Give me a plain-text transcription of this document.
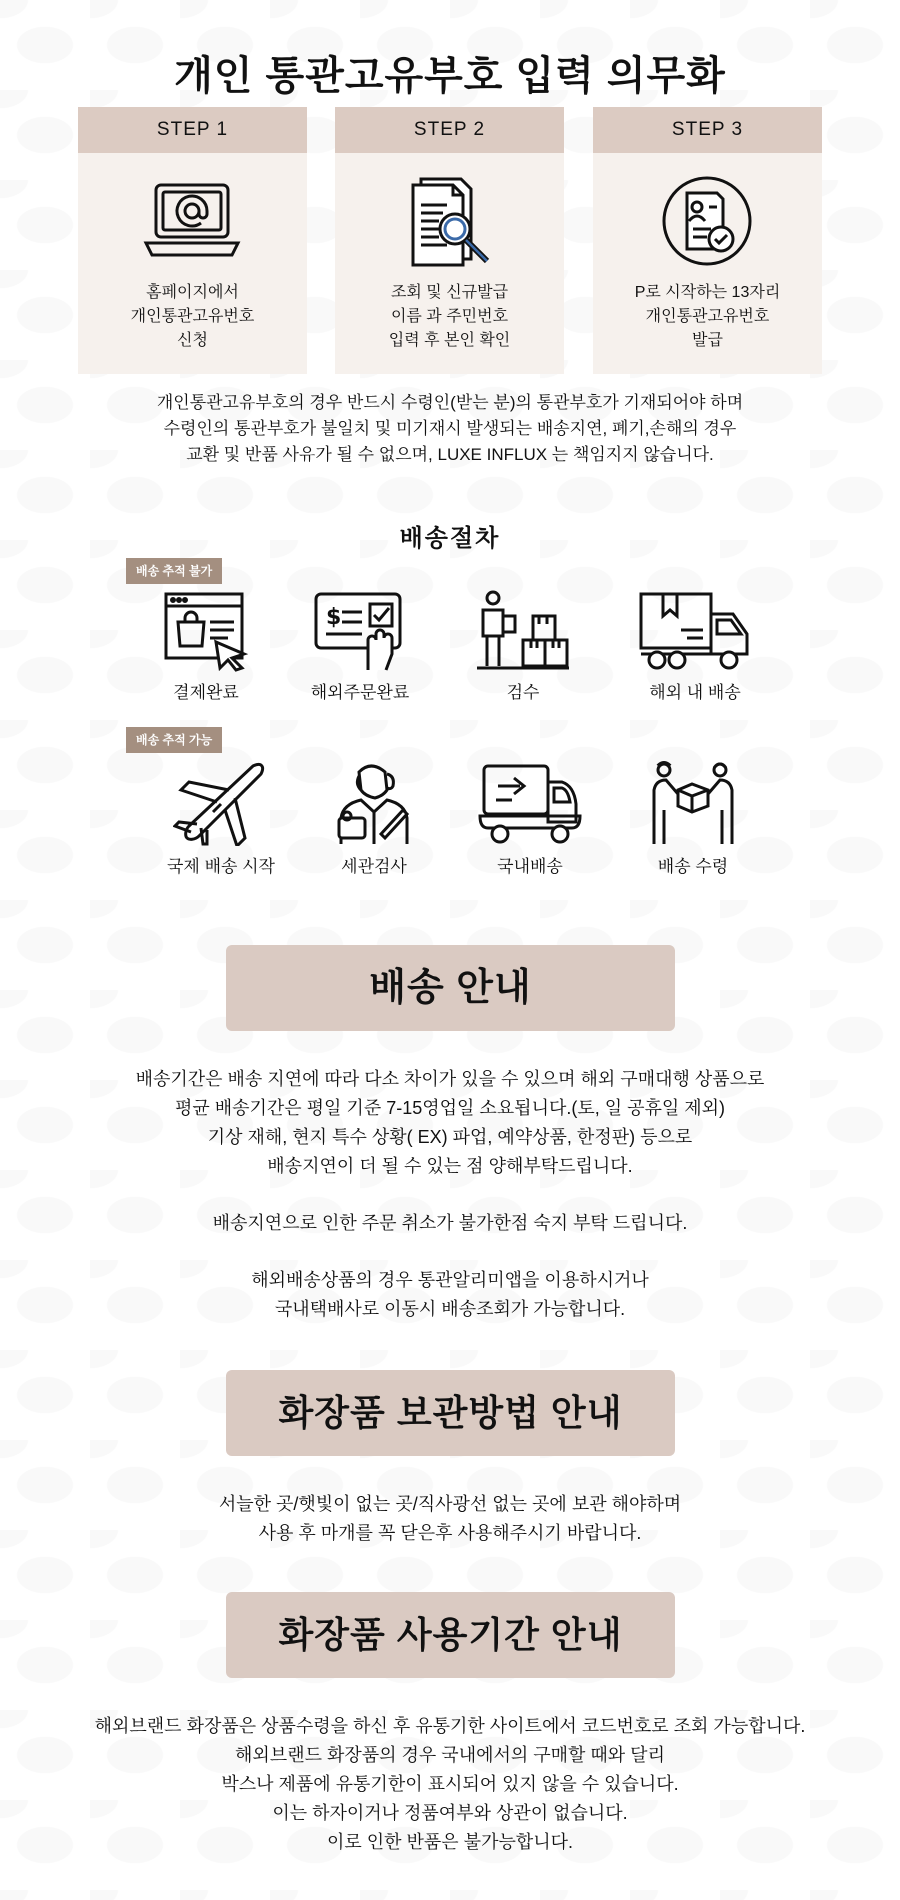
개인 통관고유부호 입력 의무화
STEP 1
홈페이지에서
개인통관고유번호
신청
STEP 2
조회 및 신규발급
이름 과 주민번호
입력 후 본인 확인
STEP 3
P로 시작하는 13자리
개인통관고유번호
발급
개인통관고유부호의 경우 반드시 수령인(받는 분)의 통관부호가 기재되어야 하며
수령인의 통관부호가 불일치 및 미기재시 발생되는 배송지연, 폐기,손해의 경우
교환 및 반품 사유가 될 수 없으며, LUXE INFLUX 는 책임지지 않습니다.
배송절차
배송 추적 불가
결제완료
$
해외주문완료	검수	해외 내 배송
배송 추적 가능
국제 배송 시작	세관검사	국내배송	배송 수령
배송 안내
배송기간은 배송 지연에 따라 다소 차이가 있을 수 있으며 해외 구매대행 상품으로
평균 배송기간은 평일 기준 7-15영업일 소요됩니다.(토, 일 공휴일 제외)
기상 재해, 현지 특수 상황( EX) 파업, 예약상품, 한정판) 등으로
배송지연이 더 될 수 있는 점 양해부탁드립니다.
배송지연으로 인한 주문 취소가 불가한점 숙지 부탁 드립니다.
해외배송상품의 경우 통관알리미앱을 이용하시거나
국내택배사로 이동시 배송조회가 가능합니다.
화장품 보관방법 안내
서늘한 곳/햇빛이 없는 곳/직사광선 없는 곳에 보관 해야하며
사용 후 마개를 꼭 닫은후 사용해주시기 바랍니다.
화장품 사용기간 안내
해외브랜드 화장품은 상품수령을 하신 후 유통기한 사이트에서 코드번호로 조회 가능합니다.
해외브랜드 화장품의 경우 국내에서의 구매할 때와 달리
박스나 제품에 유통기한이 표시되어 있지 않을 수 있습니다.
이는 하자이거나 정품여부와 상관이 없습니다.
이로 인한 반품은 불가능합니다.
